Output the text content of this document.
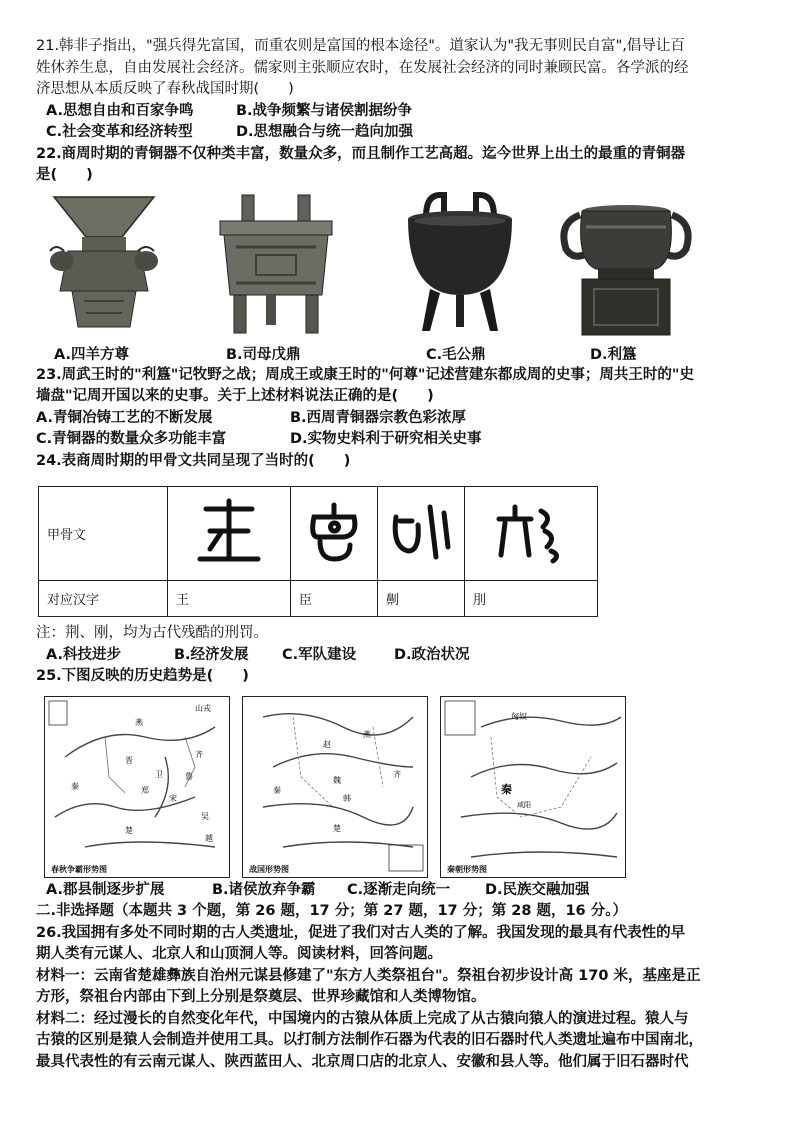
21.韩非子指出，"强兵得先富国，而重农则是富国的根本途径"。道家认为"我无事则民自富",倡导让百
姓休养生息，自由发展社会经济。儒家则主张顺应农时，在发展社会经济的同时兼顾民富。各学派的经
济思想从本质反映了春秋战国时期(　　)
A.思想自由和百家争鸣	B.战争频繁与诸侯割据纷争
C.社会变革和经济转型	D.思想融合与统一趋向加强
22.商周时期的青铜器不仅种类丰富，数量众多，而且制作工艺高超。迄今世界上出土的最重的青铜器
是(　　)
A.四羊方尊	B.司母戊鼎	C.毛公鼎	D.利簋
23.周武王时的"利簋"记牧野之战；周成王或康王时的"何尊"记述营建东都成周的史事；周共王时的"史
墙盘"记周开国以来的史事。关于上述材料说法正确的是(　　)
A.青铜冶铸工艺的不断发展	B.西周青铜器宗教色彩浓厚
C.青铜器的数量众多功能丰富	D.实物史料利于研究相关史事
24.表商周时期的甲骨文共同呈现了当时的(　　)
甲骨文				
对应汉字	王	臣	劓	刖
注：荆、刚，均为古代残酷的刑罚。
A.科技进步	B.经济发展	C.军队建设	D.政治状况
25.下图反映的历史趋势是(　　)
山戎
燕
齐
鲁
晋
秦
楚
郑
吴
越
宋
卫
春秋争霸形势图
燕
赵
齐
魏
韩
秦
楚
战国形势图
秦
匈奴
咸阳
秦朝形势图
A.郡县制逐步扩展	B.诸侯放弃争霸	C.逐渐走向统一	D.民族交融加强
二.非选择题（本题共 3 个题，第 26 题，17 分；第 27 题，17 分；第 28 题，16 分。）
26.我国拥有多处不同时期的古人类遗址，促进了我们对古人类的了解。我国发现的最具有代表性的早
期人类有元谋人、北京人和山顶洞人等。阅读材料，回答问题。
材料一：云南省楚雄彝族自治州元谋县修建了"东方人类祭祖台"。祭祖台初步设计高 170 米，基座是正
方形，祭祖台内部由下到上分别是祭奠层、世界珍藏馆和人类博物馆。
材料二：经过漫长的自然变化年代，中国境内的古猿从体质上完成了从古猿向猿人的演进过程。猿人与
古猿的区别是猿人会制造并使用工具。以打制方法制作石器为代表的旧石器时代人类遗址遍布中国南北，
最具代表性的有云南元谋人、陕西蓝田人、北京周口店的北京人、安徽和县人等。他们属于旧石器时代
